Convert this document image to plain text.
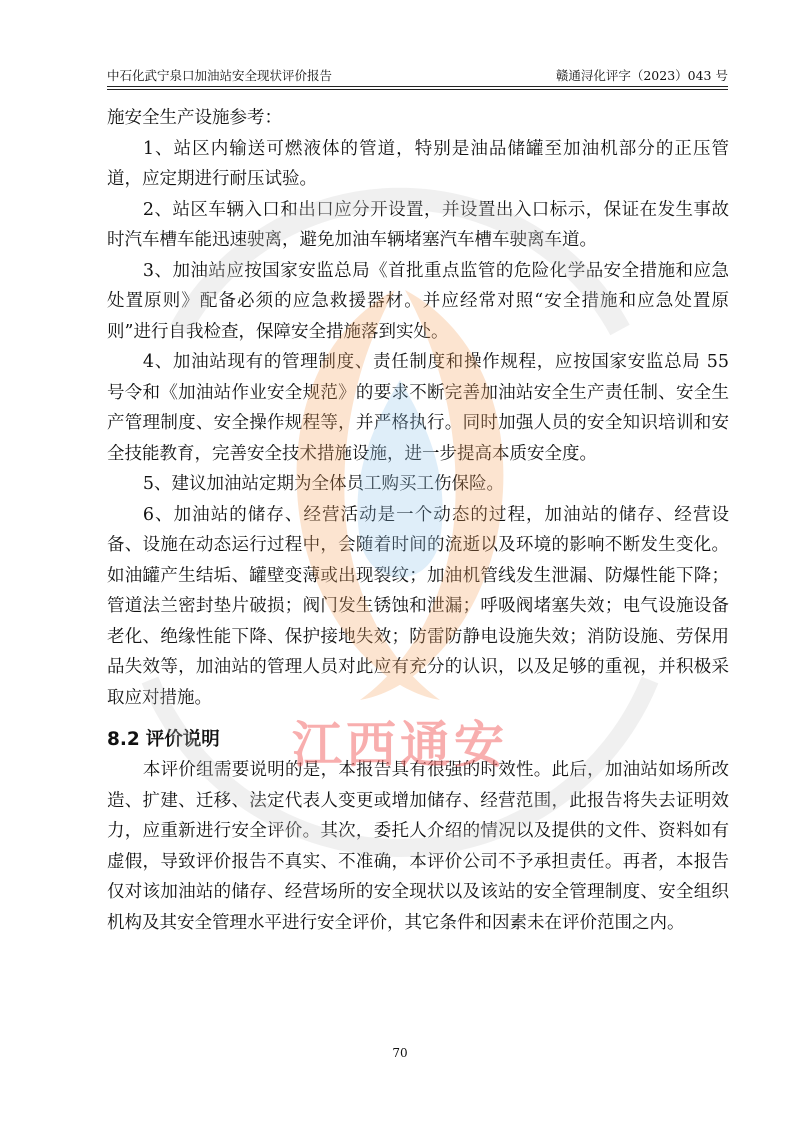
中石化武宁泉口加油站安全现状评价报告	赣通浔化评字（2023）043 号

施安全生产设施参考：

1、站区内输送可燃液体的管道，特别是油品储罐至加油机部分的正压管道，应定期进行耐压试验。

2、站区车辆入口和出口应分开设置，并设置出入口标示，保证在发生事故时汽车槽车能迅速驶离，避免加油车辆堵塞汽车槽车驶离车道。

3、加油站应按国家安监总局《首批重点监管的危险化学品安全措施和应急处置原则》配备必须的应急救援器材。并应经常对照“安全措施和应急处置原则”进行自我检查，保障安全措施落到实处。

4、加油站现有的管理制度、责任制度和操作规程，应按国家安监总局 55 号令和《加油站作业安全规范》的要求不断完善加油站安全生产责任制、安全生产管理制度、安全操作规程等，并严格执行。同时加强人员的安全知识培训和安全技能教育，完善安全技术措施设施，进一步提高本质安全度。

5、建议加油站定期为全体员工购买工伤保险。

6、加油站的储存、经营活动是一个动态的过程，加油站的储存、经营设备、设施在动态运行过程中，会随着时间的流逝以及环境的影响不断发生变化。如油罐产生结垢、罐壁变薄或出现裂纹；加油机管线发生泄漏、防爆性能下降；管道法兰密封垫片破损；阀门发生锈蚀和泄漏；呼吸阀堵塞失效；电气设施设备老化、绝缘性能下降、保护接地失效；防雷防静电设施失效；消防设施、劳保用品失效等，加油站的管理人员对此应有充分的认识，以及足够的重视，并积极采取应对措施。

8.2 评价说明

本评价组需要说明的是，本报告具有很强的时效性。此后，加油站如场所改造、扩建、迁移、法定代表人变更或增加储存、经营范围，此报告将失去证明效力，应重新进行安全评价。其次，委托人介绍的情况以及提供的文件、资料如有虚假，导致评价报告不真实、不准确，本评价公司不予承担责任。再者，本报告仅对该加油站的储存、经营场所的安全现状以及该站的安全管理制度、安全组织机构及其安全管理水平进行安全评价，其它条件和因素未在评价范围之内。

70
江西通安
